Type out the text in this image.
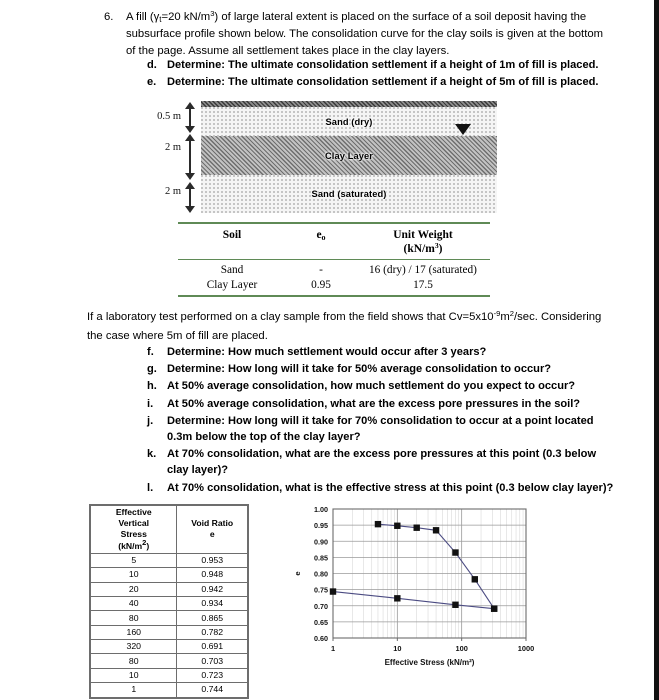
6.	A fill ($\gamma_t=20$ $kN/m^3$) of large lateral extent is placed on the surface of a soil deposit having the subsurface profile shown below. The consolidation curve for the clay soils is given at the bottom of the page. Assume all settlement takes place in the clay layers.
d. Determine: The ultimate consolidation settlement if a height of 1m of fill is placed.
e. Determine: The ultimate consolidation settlement if a height of 5m of fill is placed.
0.5 m
2 m
2 m
Sand (dry)
Clay Layer
Sand (saturated)
Soil	$e_o$	Unit Weight
$(kN/m^3)$
Sand	-	16 (dry) / 17 (saturated)
Clay Layer	0.95	17.5
If a laboratory test performed on a clay sample from the field shows that $Cv=5x10^{-9}m^2/\sec$. Considering the case where 5m of fill are placed.
f.	Determine: How much settlement would occur after 3 years?
g. Determine: How long will it take for 50% average consolidation to occur?
h. At 50% average consolidation, how much settlement do you expect to occur?
i.	At 50% average consolidation, what are the excess pore pressures in the soil?
j.	Determine: How long will it take for 70% consolidation to occur at a point located 0.3m below the top of the clay layer?
k. At 70% consolidation, what are the excess pore pressures at this point (0.3 below clay layer)?
l.	At 70% consolidation, what is the effective stress at this point (0.3 below clay layer)?
Effective
Vertical
Stress
$(kN/m^2)$

Void Ratio
e

5	0.953
10	0.948
20	0.942
40	0.934
80	0.865
160	0.782
320	0.691
80	0.703
10	0.723
1	0.744
0.60
0.65
0.70
0.75
0.80
0.85
0.90
0.95
1.00
1	10	100	1000
Effective Stress (kN/m²)
e
